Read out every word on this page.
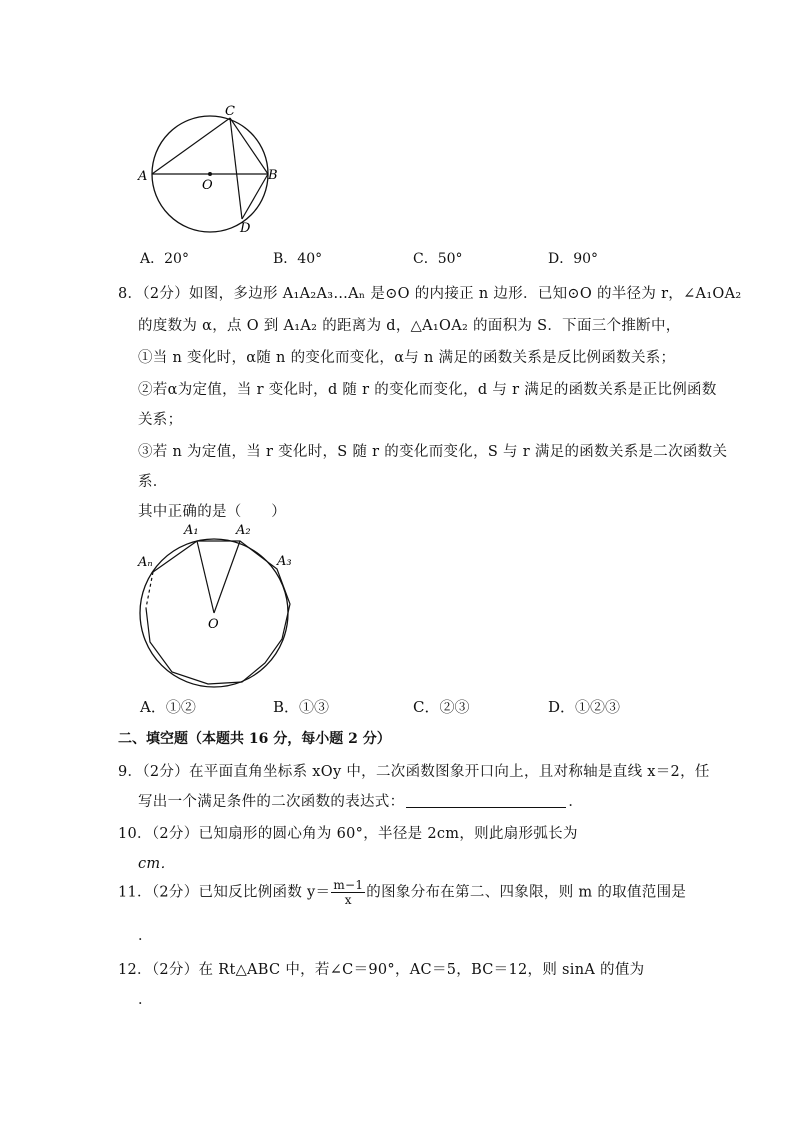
A	B
C
D
O
A．20°	B．40°	C．50°	D．90°
8．（2分）如图，多边形 A₁A₂A₃…Aₙ 是⊙O 的内接正 n 边形．已知⊙O 的半径为 r，∠A₁OA₂
的度数为 α，点 O 到 A₁A₂ 的距离为 d，△A₁OA₂ 的面积为 S．下面三个推断中，
①当 n 变化时，α随 n 的变化而变化，α与 n 满足的函数关系是反比例函数关系；
②若α为定值，当 r 变化时，d 随 r 的变化而变化，d 与 r 满足的函数关系是正比例函数
关系；
③若 n 为定值，当 r 变化时，S 随 r 的变化而变化，S 与 r 满足的函数关系是二次函数关
系．
其中正确的是（　　）
A₁	A₂
A₃
Aₙ
O
A．①②	B．①③	C．②③	D．①②③
二、填空题（本题共 16 分，每小题 2 分）
9．（2分）在平面直角坐标系 xOy 中，二次函数图象开口向上，且对称轴是直线 x＝2，任
写出一个满足条件的二次函数的表达式：	．
10．（2分）已知扇形的圆心角为 60°，半径是 2cm，则此扇形弧长为
cm．
11．（2分）已知反比例函数 $y= \frac{m-1}{x}$ 的图象分布在第二、四象限，则 m 的取值范围是
．
12．（2分）在 Rt△ABC 中，若∠C＝90°，AC＝5，BC＝12，则 sinA 的值为
．
